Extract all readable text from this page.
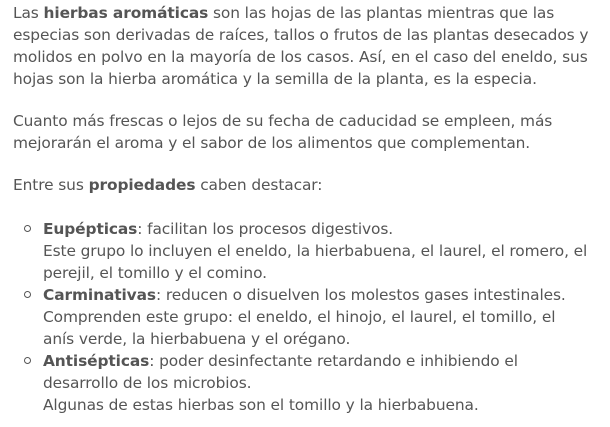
Las hierbas aromáticas son las hojas de las plantas mientras que las especias son derivadas de raíces, tallos o frutos de las plantas desecados y molidos en polvo en la mayoría de los casos. Así, en el caso del eneldo, sus hojas son la hierba aromática y la semilla de la planta, es la especia.

Cuanto más frescas o lejos de su fecha de caducidad se empleen, más mejorarán el aroma y el sabor de los alimentos que complementan.

Entre sus propiedades caben destacar:

Eupépticas: facilitan los procesos digestivos.
Este grupo lo incluyen el eneldo, la hierbabuena, el laurel, el romero, el perejil, el tomillo y el comino.
Carminativas: reducen o disuelven los molestos gases intestinales.
Comprenden este grupo: el eneldo, el hinojo, el laurel, el tomillo, el anís verde, la hierbabuena y el orégano.
Antisépticas: poder desinfectante retardando e inhibiendo el desarrollo de los microbios.
Algunas de estas hierbas son el tomillo y la hierbabuena.
